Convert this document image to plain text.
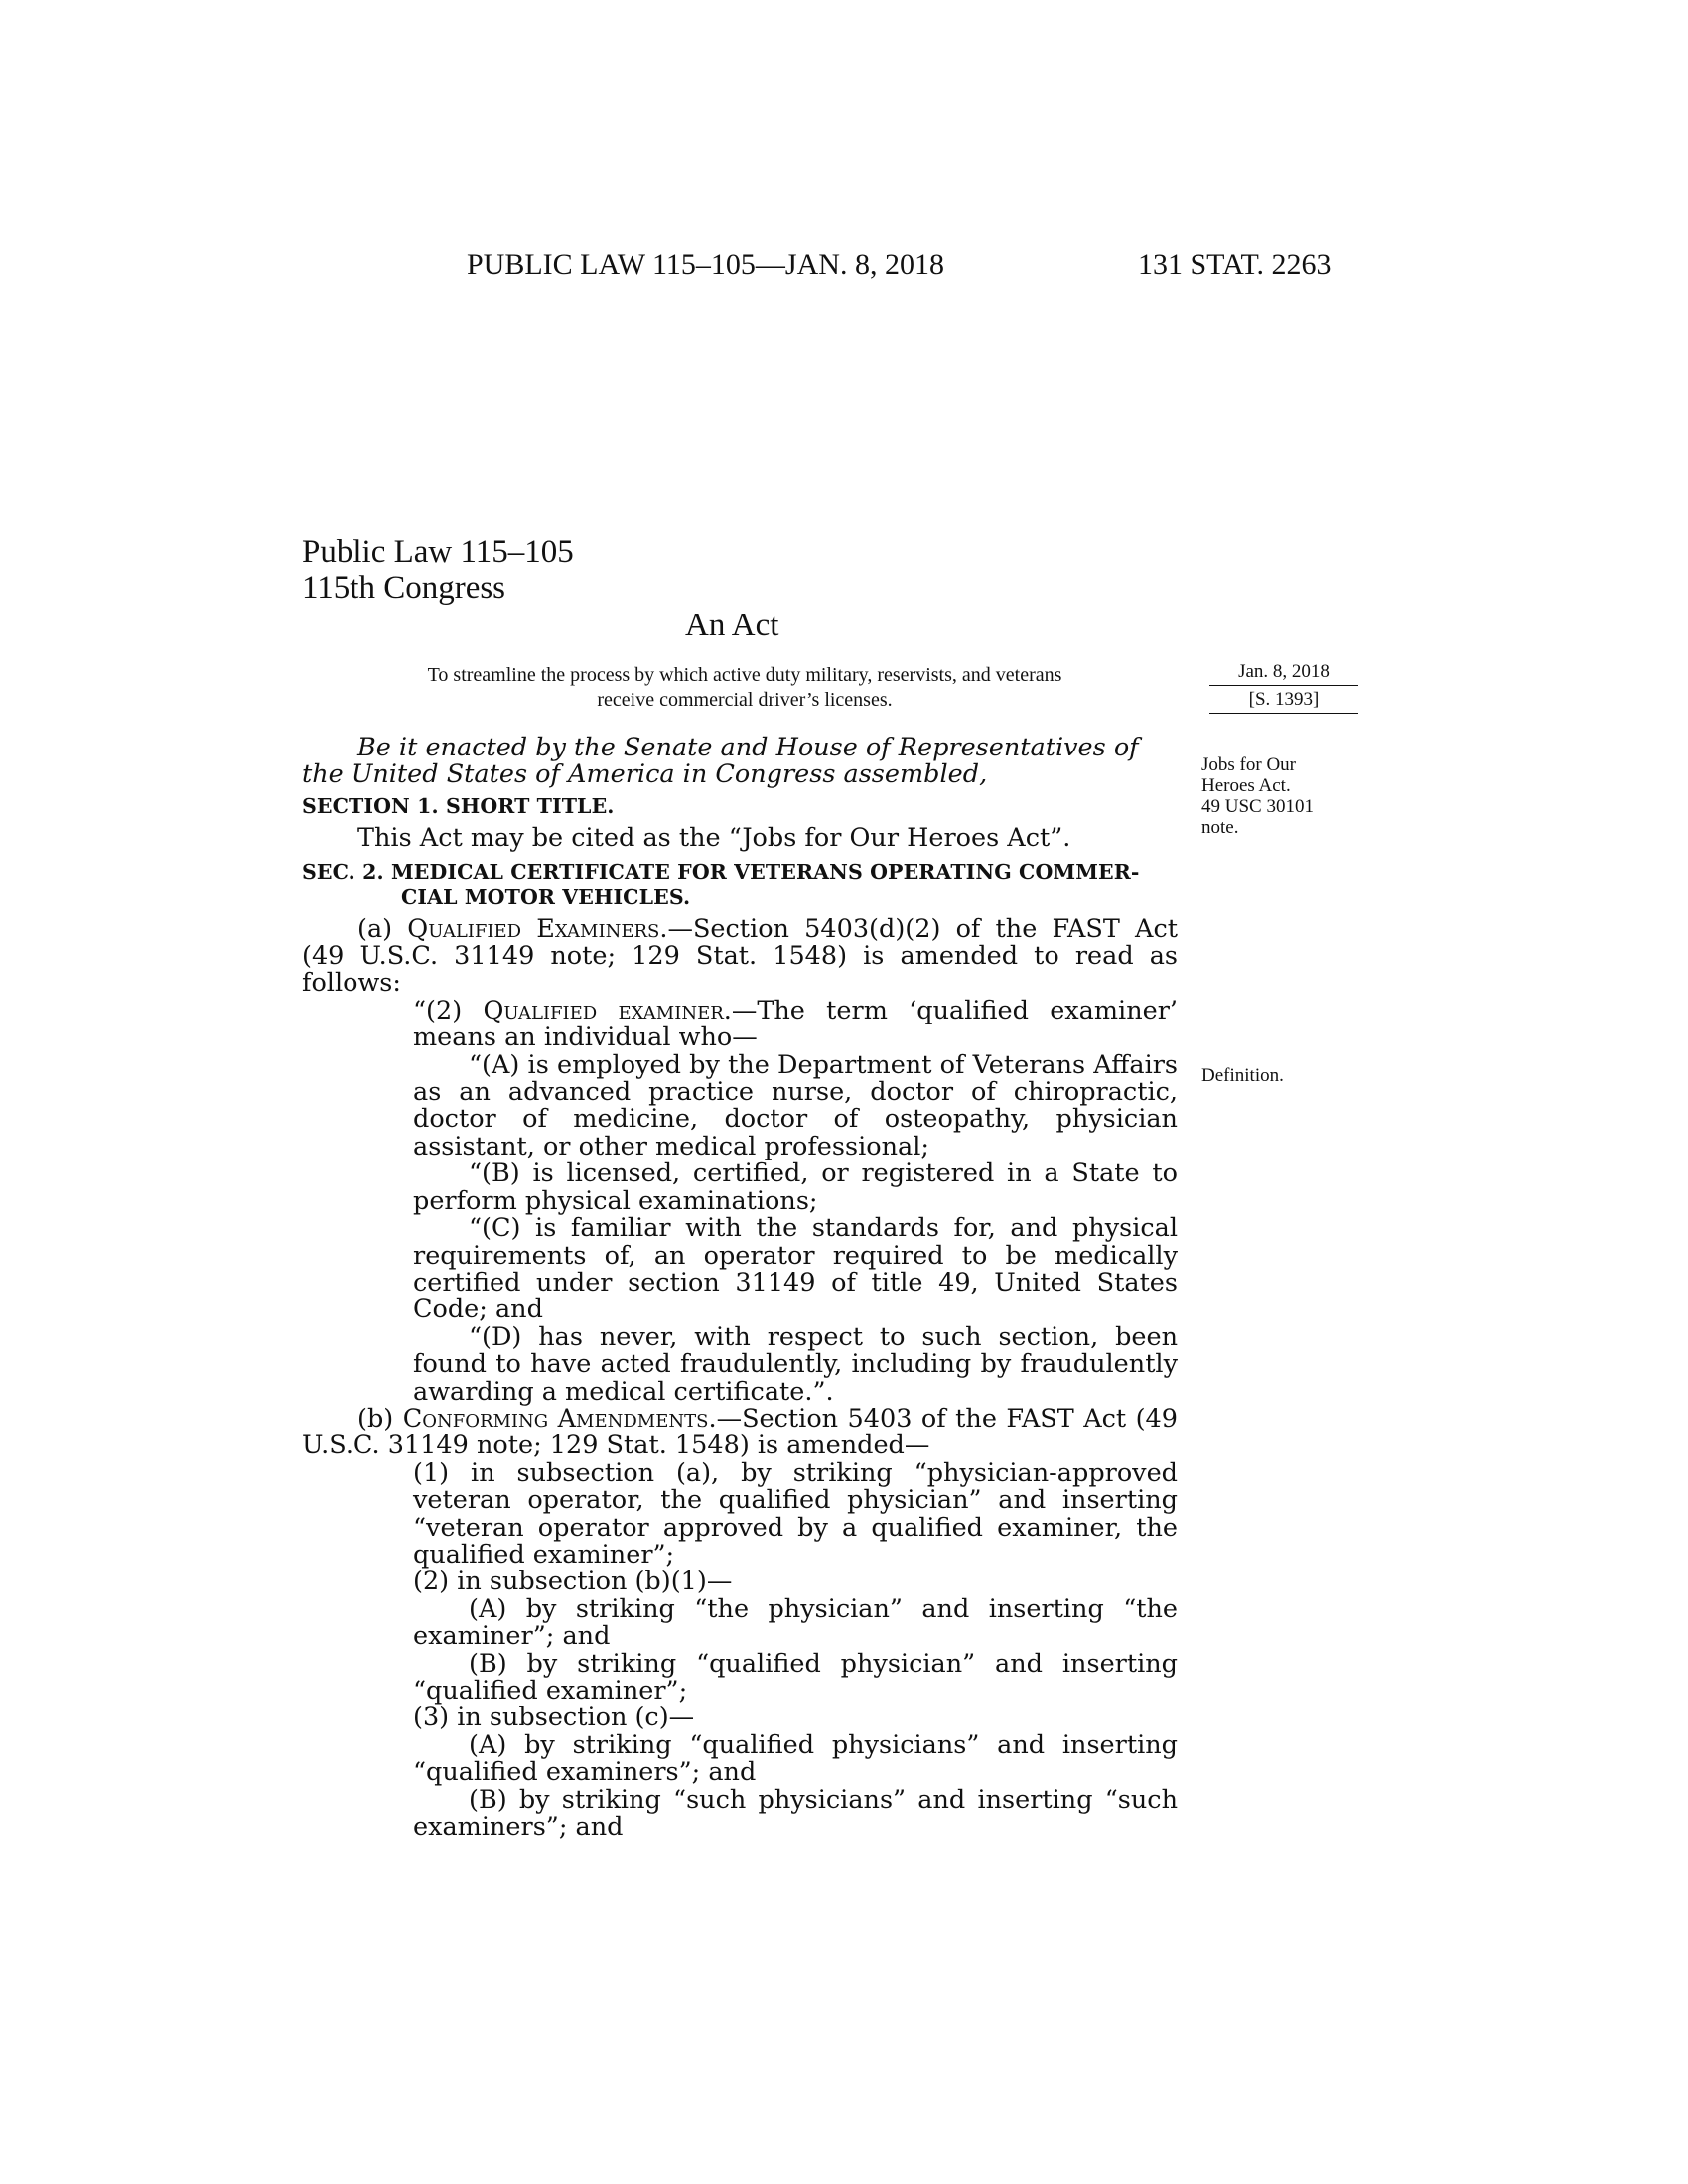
PUBLIC LAW 115–105—JAN. 8, 2018	131 STAT. 2263
Public Law 115–105
115th Congress
An Act
To streamline the process by which active duty military, reservists, and veterans
receive commercial driver’s licenses.
Jan. 8, 2018
[S. 1393]
Jobs for Our
Heroes Act.
49 USC 30101
note.
Definition.

Be it enacted by the Senate and House of Representatives of
the United States of America in Congress assembled,

SECTION 1. SHORT TITLE.

This Act may be cited as the “Jobs for Our Heroes Act”.

SEC. 2. MEDICAL CERTIFICATE FOR VETERANS OPERATING COMMER-
CIAL MOTOR VEHICLES.

(a) Qualified Examiners.—Section 5403(d)(2) of the FAST Act (49 U.S.C. 31149 note; 129 Stat. 1548) is amended to read as follows:

“(2) Qualified examiner.—The term ‘qualified examiner’ means an individual who—

“(A) is employed by the Department of Veterans Affairs as an advanced practice nurse, doctor of chiropractic, doctor of medicine, doctor of osteopathy, physician assistant, or other medical professional;

“(B) is licensed, certified, or registered in a State to perform physical examinations;

“(C) is familiar with the standards for, and physical requirements of, an operator required to be medically certified under section 31149 of title 49, United States Code; and

“(D) has never, with respect to such section, been found to have acted fraudulently, including by fraudulently awarding a medical certificate.”.

(b) Conforming Amendments.—Section 5403 of the FAST Act (49 U.S.C. 31149 note; 129 Stat. 1548) is amended—

(1) in subsection (a), by striking “physician-approved veteran operator, the qualified physician” and inserting “veteran operator approved by a qualified examiner, the qualified examiner”;

(2) in subsection (b)(1)—

(A) by striking “the physician” and inserting “the examiner”; and

(B) by striking “qualified physician” and inserting “qualified examiner”;

(3) in subsection (c)—

(A) by striking “qualified physicians” and inserting “qualified examiners”; and

(B) by striking “such physicians” and inserting “such examiners”; and
